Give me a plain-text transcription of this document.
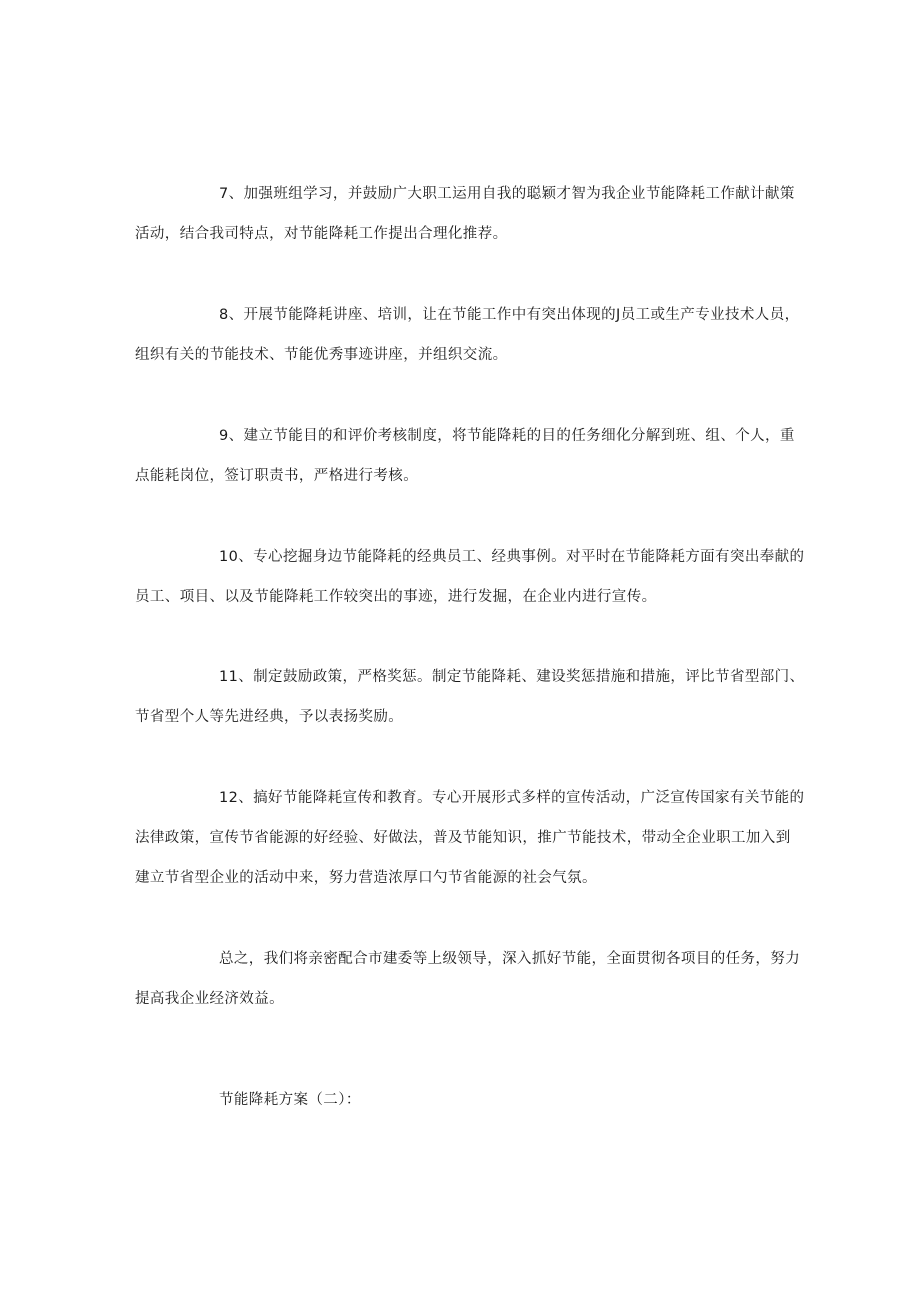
7、加强班组学习，并鼓励广大职工运用自我的聪颖才智为我企业节能降耗工作献计献策
活动，结合我司特点，对节能降耗工作提出合理化推荐。

8、开展节能降耗讲座、培训，让在节能工作中有突出体现的J员工或生产专业技术人员，
组织有关的节能技术、节能优秀事迹讲座，并组织交流。

9、建立节能目的和评价考核制度，将节能降耗的目的任务细化分解到班、组、个人，重
点能耗岗位，签订职责书，严格进行考核。

10、专心挖掘身边节能降耗的经典员工、经典事例。对平时在节能降耗方面有突出奉献的
员工、项目、以及节能降耗工作较突出的事迹，进行发掘，在企业内进行宣传。

11、制定鼓励政策，严格奖惩。制定节能降耗、建设奖惩措施和措施，评比节省型部门、
节省型个人等先进经典，予以表扬奖励。

12、搞好节能降耗宣传和教育。专心开展形式多样的宣传活动，广泛宣传国家有关节能的
法律政策，宣传节省能源的好经验、好做法，普及节能知识，推广节能技术，带动全企业职工加入到
建立节省型企业的活动中来，努力营造浓厚口勺节省能源的社会气氛。

总之，我们将亲密配合市建委等上级领导，深入抓好节能，全面贯彻各项目的任务，努力
提高我企业经济效益。

节能降耗方案（二）：
